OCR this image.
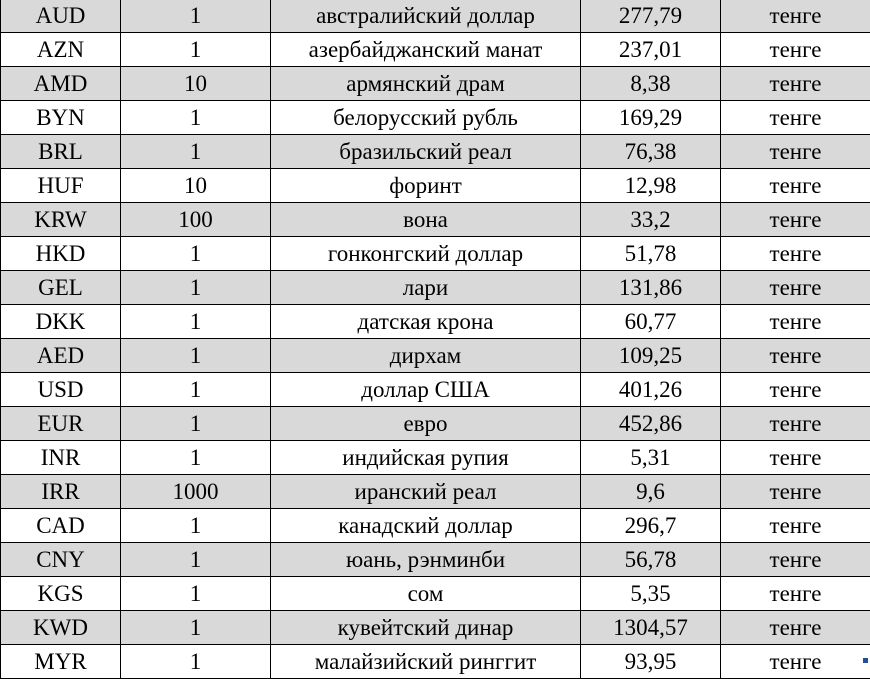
AUD	1	австралийский доллар	277,79	тенге
AZN	1	азербайджанский манат	237,01	тенге
AMD	10	армянский драм	8,38	тенге
BYN	1	белорусский рубль	169,29	тенге
BRL	1	бразильский реал	76,38	тенге
HUF	10	форинт	12,98	тенге
KRW	100	вона	33,2	тенге
HKD	1	гонконгский доллар	51,78	тенге
GEL	1	лари	131,86	тенге
DKK	1	датская крона	60,77	тенге
AED	1	дирхам	109,25	тенге
USD	1	доллар США	401,26	тенге
EUR	1	евро	452,86	тенге
INR	1	индийская рупия	5,31	тенге
IRR	1000	иранский реал	9,6	тенге
CAD	1	канадский доллар	296,7	тенге
CNY	1	юань, рэнминби	56,78	тенге
KGS	1	сом	5,35	тенге
KWD	1	кувейтский динар	1304,57	тенге
MYR	1	малайзийский ринггит	93,95	тенге
